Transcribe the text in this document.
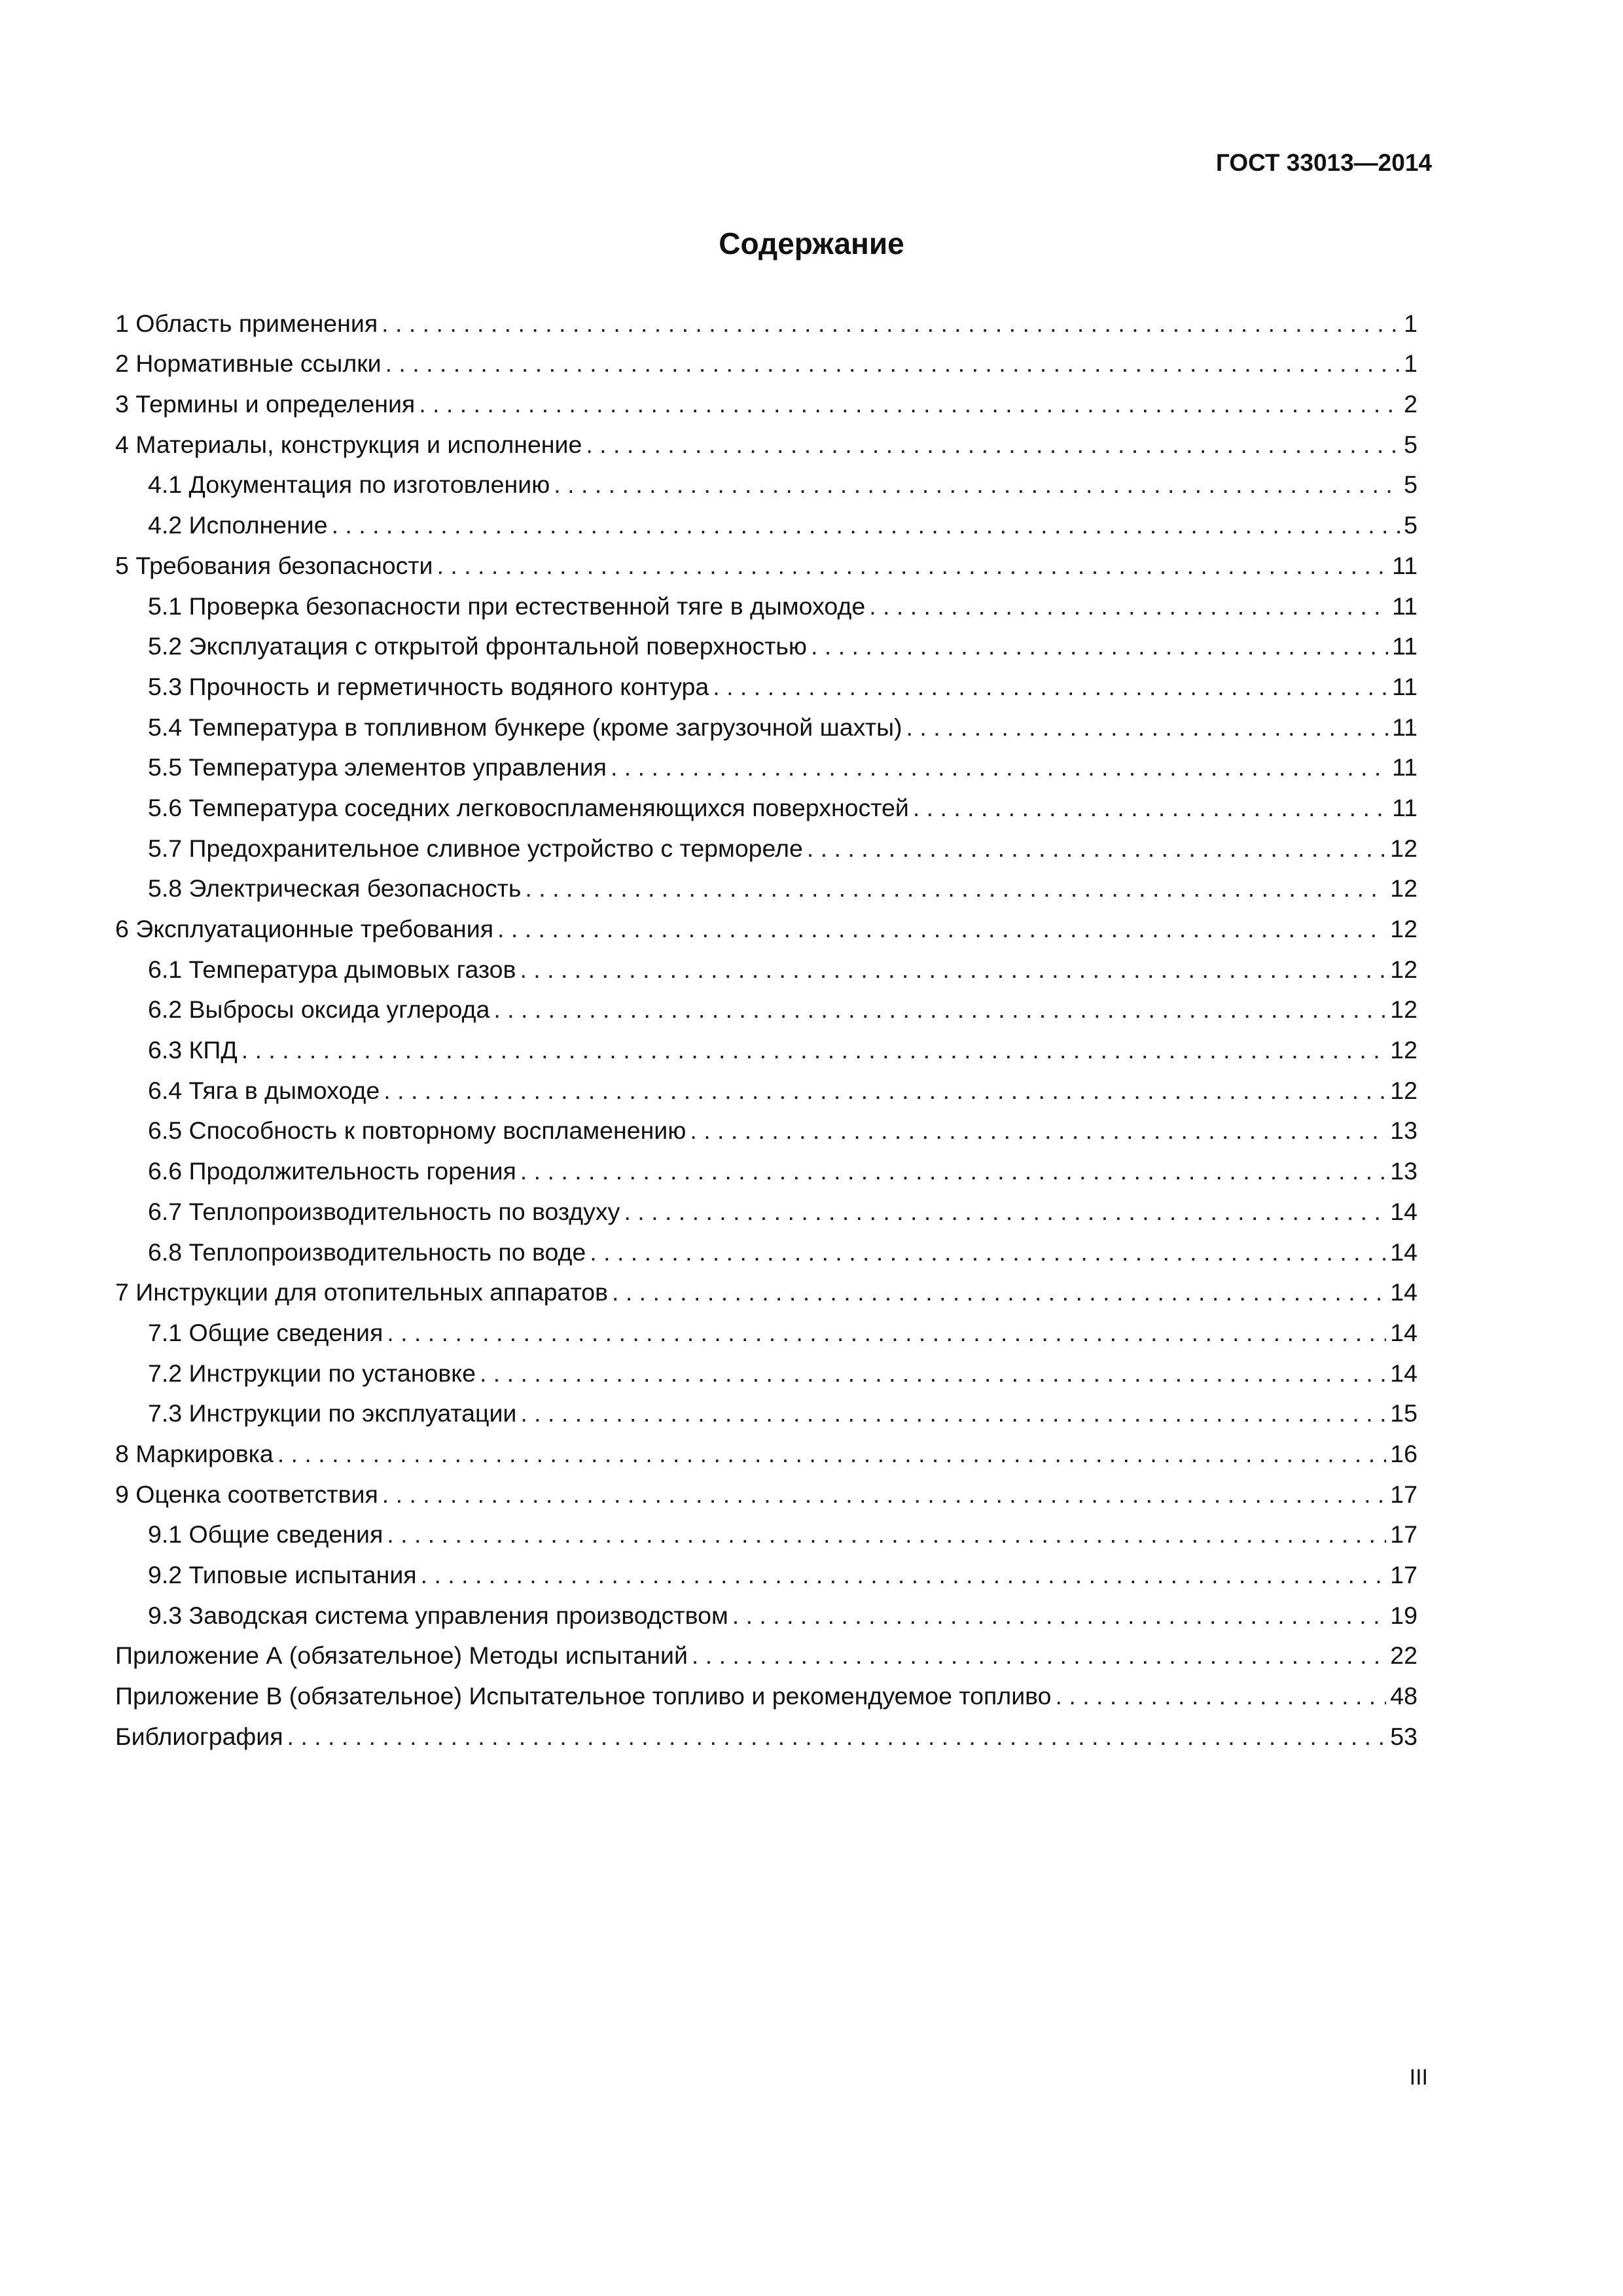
ГОСТ 33013—2014
Содержание
1 Область применения . . .	1
2 Нормативные ссылки . . .	1
3 Термины и определения . . .	2
4 Материалы, конструкция и исполнение . . .	5
4.1 Документация по изготовлению . . .	5
4.2 Исполнение . . .	5
5 Требования безопасности . . .	11
5.1 Проверка безопасности при естественной тяге в дымоходе . . .	11
5.2 Эксплуатация с открытой фронтальной поверхностью . . .	11
5.3 Прочность и герметичность водяного контура . . .	11
5.4 Температура в топливном бункере (кроме загрузочной шахты) . . .	11
5.5 Температура элементов управления . . .	11
5.6 Температура соседних легковоспламеняющихся поверхностей . . .	11
5.7 Предохранительное сливное устройство с термореле . . .	12
5.8 Электрическая безопасность . . .	12
6 Эксплуатационные требования . . .	12
6.1 Температура дымовых газов . . .	12
6.2 Выбросы оксида углерода . . .	12
6.3 КПД . . .	12
6.4 Тяга в дымоходе . . .	12
6.5 Способность к повторному воспламенению . . .	13
6.6 Продолжительность горения . . .	13
6.7 Теплопроизводительность по воздуху . . .	14
6.8 Теплопроизводительность по воде . . .	14
7 Инструкции для отопительных аппаратов . . .	14
7.1 Общие сведения . . .	14
7.2 Инструкции по установке . . .	14
7.3 Инструкции по эксплуатации . . .	15
8 Маркировка . . .	16
9 Оценка соответствия . . .	17
9.1 Общие сведения . . .	17
9.2 Типовые испытания . . .	17
9.3 Заводская система управления производством . . .	19
Приложение А (обязательное) Методы испытаний . . .	22
Приложение В (обязательное) Испытательное топливо и рекомендуемое топливо . . .	48
Библиография . . .	53
III
